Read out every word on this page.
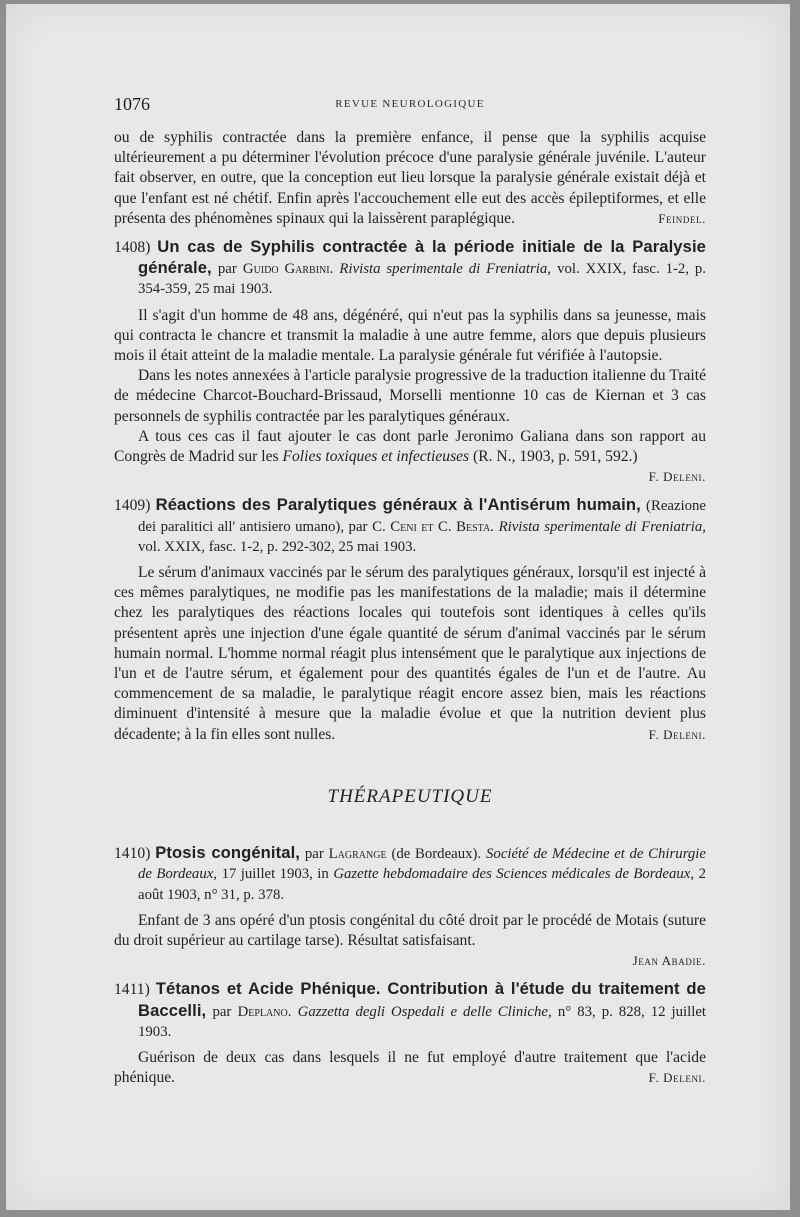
1076	REVUE NEUROLOGIQUE

ou de syphilis contractée dans la première enfance, il pense que la syphilis acquise ultérieurement a pu déterminer l'évolution précoce d'une paralysie générale juvénile. L'auteur fait observer, en outre, que la conception eut lieu lorsque la paralysie générale existait déjà et que l'enfant est né chétif. Enfin après l'accouchement elle eut des accès épileptiformes, et elle présenta des phénomènes spinaux qui la laissèrent paraplégique.	Feindel.

1408) Un cas de Syphilis contractée à la période initiale de la Paralysie générale, par Guido Garbini. Rivista sperimentale di Freniatria, vol. XXIX, fasc. 1-2, p. 354-359, 25 mai 1903.

Il s'agit d'un homme de 48 ans, dégénéré, qui n'eut pas la syphilis dans sa jeunesse, mais qui contracta le chancre et transmit la maladie à une autre femme, alors que depuis plusieurs mois il était atteint de la maladie mentale. La paralysie générale fut vérifiée à l'autopsie.

Dans les notes annexées à l'article paralysie progressive de la traduction italienne du Traité de médecine Charcot-Bouchard-Brissaud, Morselli mentionne 10 cas de Kiernan et 3 cas personnels de syphilis contractée par les paralytiques généraux.

A tous ces cas il faut ajouter le cas dont parle Jeronimo Galiana dans son rapport au Congrès de Madrid sur les Folies toxiques et infectieuses (R. N., 1903, p. 591, 592.)
F. Deleni.

1409) Réactions des Paralytiques généraux à l'Antisérum humain, (Reazione dei paralitici all' antisiero umano), par C. Ceni et C. Besta. Rivista sperimentale di Freniatria, vol. XXIX, fasc. 1-2, p. 292-302, 25 mai 1903.

Le sérum d'animaux vaccinés par le sérum des paralytiques généraux, lorsqu'il est injecté à ces mêmes paralytiques, ne modifie pas les manifestations de la maladie; mais il détermine chez les paralytiques des réactions locales qui toutefois sont identiques à celles qu'ils présentent après une injection d'une égale quantité de sérum d'animal vaccinés par le sérum humain normal. L'homme normal réagit plus intensément que le paralytique aux injections de l'un et de l'autre sérum, et également pour des quantités égales de l'un et de l'autre. Au commencement de sa maladie, le paralytique réagit encore assez bien, mais les réactions diminuent d'intensité à mesure que la maladie évolue et que la nutrition devient plus décadente; à la fin elles sont nulles.	F. Deleni.

THÉRAPEUTIQUE

1410) Ptosis congénital, par Lagrange (de Bordeaux). Société de Médecine et de Chirurgie de Bordeaux, 17 juillet 1903, in Gazette hebdomadaire des Sciences médicales de Bordeaux, 2 août 1903, n° 31, p. 378.

Enfant de 3 ans opéré d'un ptosis congénital du côté droit par le procédé de Motais (suture du droit supérieur au cartilage tarse). Résultat satisfaisant.

Jean Abadie.

1411) Tétanos et Acide Phénique. Contribution à l'étude du traitement de Baccelli, par Deplano. Gazzetta degli Ospedali e delle Cliniche, n° 83, p. 828, 12 juillet 1903.

Guérison de deux cas dans lesquels il ne fut employé d'autre traitement que l'acide phénique.	F. Deleni.
